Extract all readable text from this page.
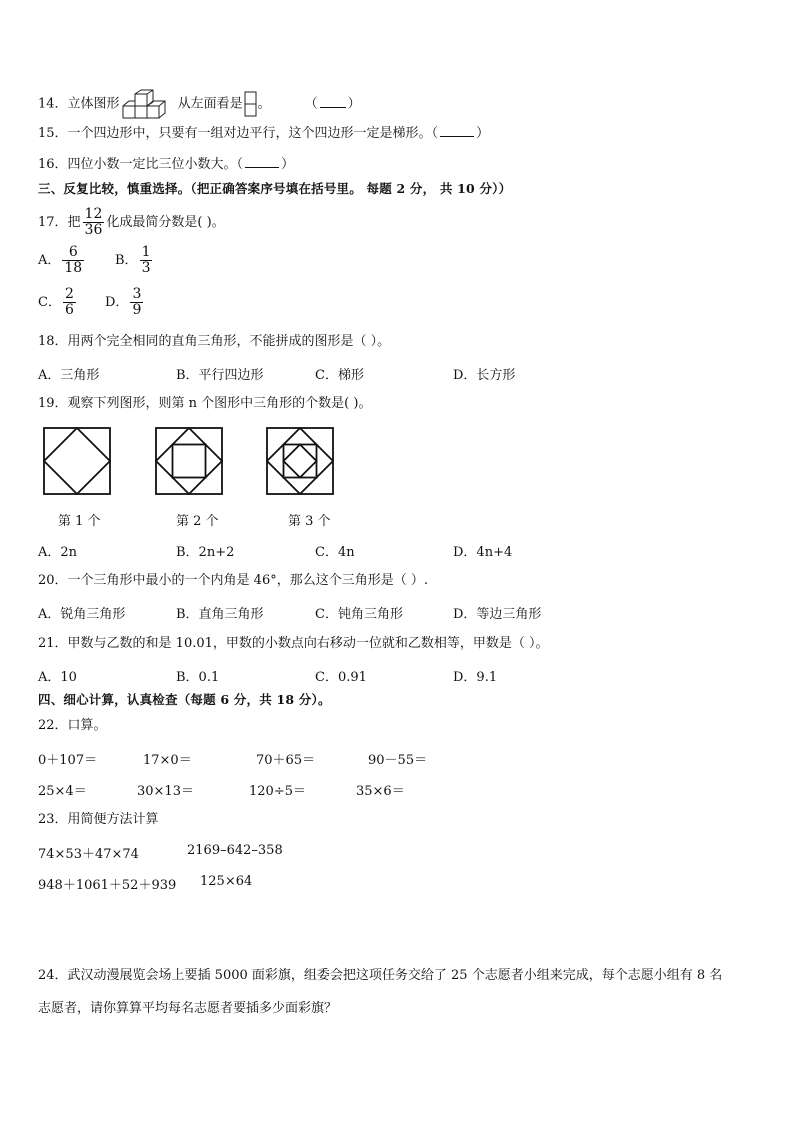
14．立体图形	从左面看是 。	（ ）
15．一个四边形中，只要有一组对边平行，这个四边形一定是梯形。（	）
16．四位小数一定比三位小数大。（	）
三、反复比较，慎重选择。（把正确答案序号填在括号里。 每题 2 分， 共 10 分））
17．把 $\frac{12}{36}$ 化成最简分数是( )。
A． $\frac{6}{18}$ B． $\frac{1}{3}$
C． $\frac{2}{6}$ D． $\frac{3}{9}$
18．用两个完全相同的直角三角形，不能拼成的图形是（ ）。
A．三角形	B．平行四边形	C．梯形	D．长方形
19．观察下列图形，则第 n 个图形中三角形的个数是( )。
第 1 个	第 2 个	第 3 个
A．2n	B．2n+2	C．4n	D．4n+4
20．一个三角形中最小的一个内角是 46°，那么这个三角形是（ ）.
A．锐角三角形	B．直角三角形	C．钝角三角形	D．等边三角形
21．甲数与乙数的和是 10.01，甲数的小数点向右移动一位就和乙数相等，甲数是（ ）。
A．10	B．0.1	C．0.91	D．9.1
四、细心计算，认真检查（每题 6 分，共 18 分）。
22．口算。
0＋107＝	17×0＝	70＋65＝	90－55＝
25×4＝	30×13＝	120÷5＝	35×6＝
23．用简便方法计算
74×53＋47×74	2169–642–358
948＋1061＋52＋939 125×64
24．武汉动漫展览会场上要插 5000 面彩旗，组委会把这项任务交给了 25 个志愿者小组来完成，每个志愿小组有 8 名
志愿者，请你算算平均每名志愿者要插多少面彩旗？
